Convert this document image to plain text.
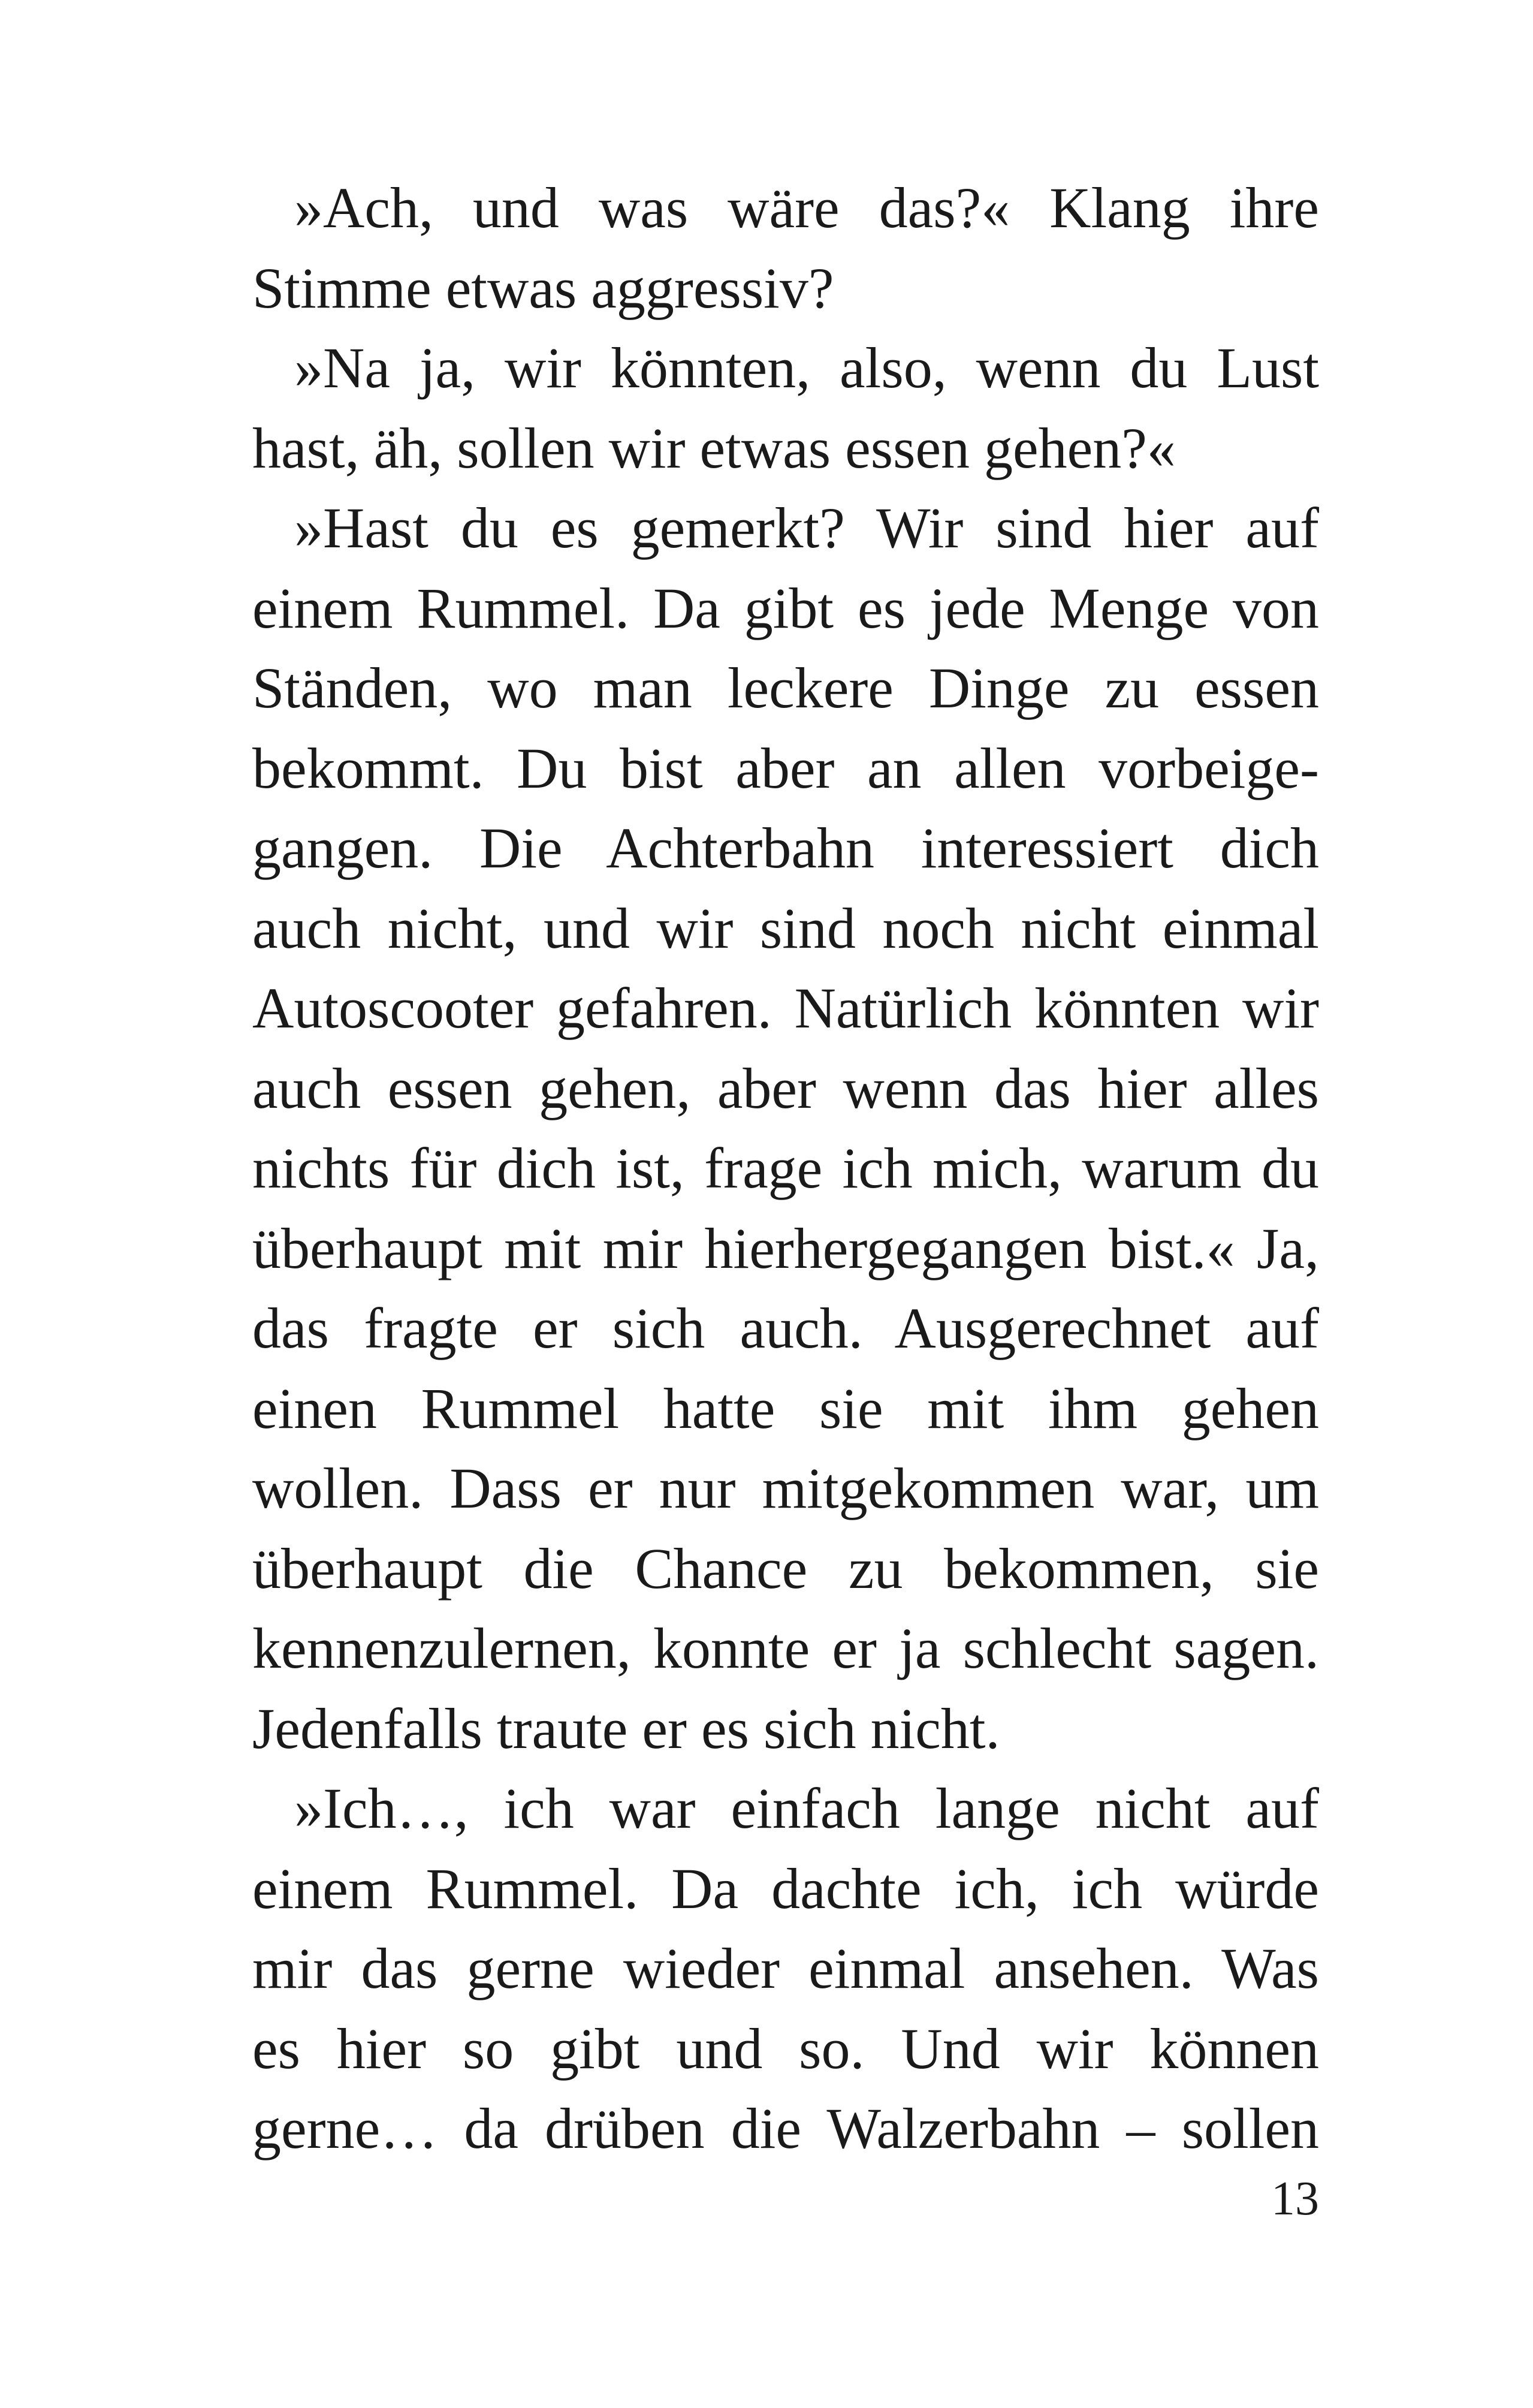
»Ach, und was wäre das?« Klang ihre
Stimme etwas aggressiv?

»Na ja, wir könnten, also, wenn du Lust
hast, äh, sollen wir etwas essen gehen?«

»Hast du es gemerkt? Wir sind hier auf
einem Rummel. Da gibt es jede Menge von
Ständen, wo man leckere Dinge zu essen
bekommt. Du bist aber an allen vorbeige-
gangen. Die Achterbahn interessiert dich
auch nicht, und wir sind noch nicht einmal
Autoscooter gefahren. Natürlich könnten wir
auch essen gehen, aber wenn das hier alles
nichts für dich ist, frage ich mich, warum du
überhaupt mit mir hierhergegangen bist.« Ja,
das fragte er sich auch. Ausgerechnet auf
einen Rummel hatte sie mit ihm gehen
wollen. Dass er nur mitgekommen war, um
überhaupt die Chance zu bekommen, sie
kennenzulernen, konnte er ja schlecht sagen.
Jedenfalls traute er es sich nicht.

»Ich…, ich war einfach lange nicht auf
einem Rummel. Da dachte ich, ich würde
mir das gerne wieder einmal ansehen. Was
es hier so gibt und so. Und wir können
gerne… da drüben die Walzerbahn – sollen

13
